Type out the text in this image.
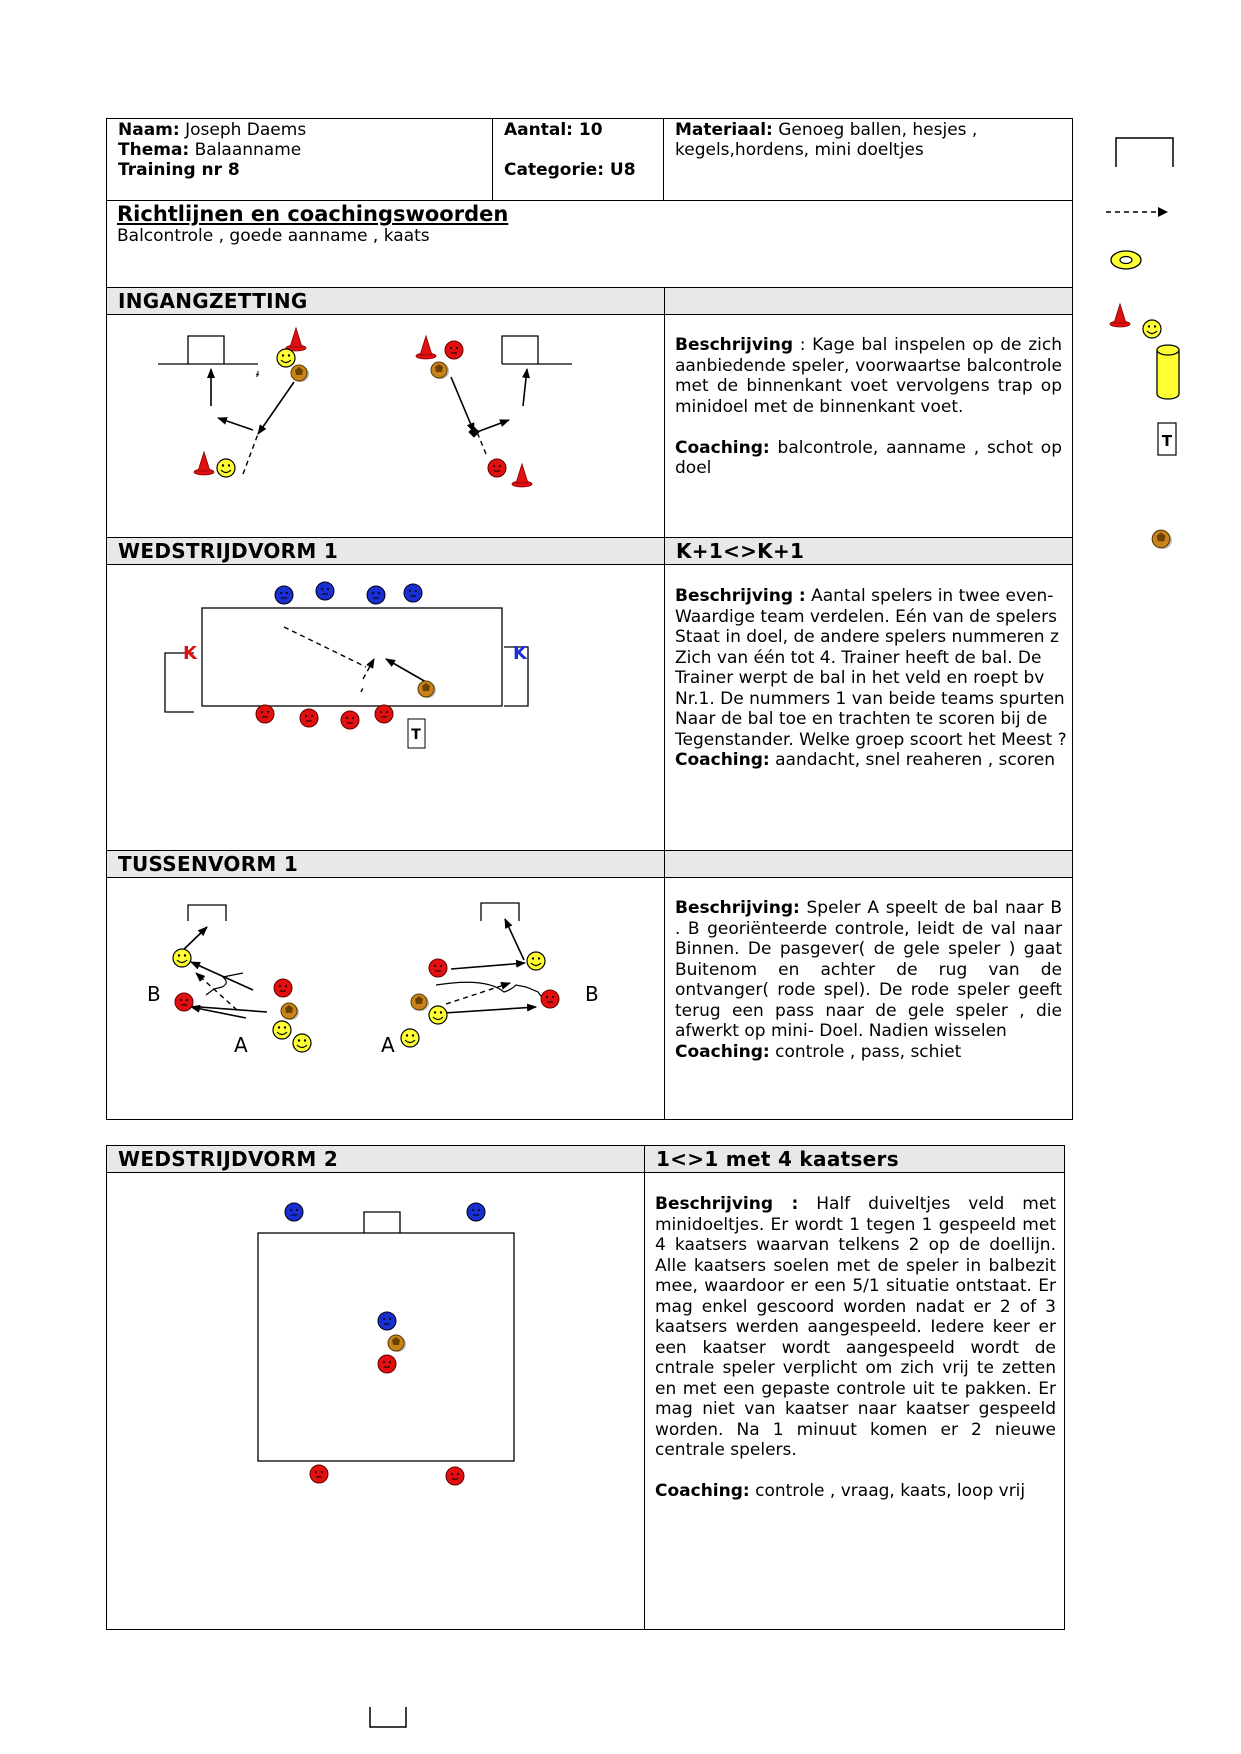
Naam: Joseph Daems
Thema: Balaanname
Training nr 8
Aantal: 10

Categorie: U8
Materiaal: Genoeg ballen, hesjes , kegels,hordens, mini doeltjes
Richtlijnen en coachingswoorden
Balcontrole , goede aanname , kaats
INGANGZETTING
Beschrijving : Kage bal inspelen op de zich aanbiedende speler, voorwaartse balcontrole met de binnenkant voet vervolgens trap op minidoel met de binnenkant voet.

Coaching: balcontrole, aanname , schot op doel
WEDSTRIJDVORM 1	K+1<>K+1
Beschrijving : Aantal spelers in twee even-Waardige team verdelen. Eén van de spelers Staat in doel, de andere spelers nummeren z Zich van één tot 4. Trainer heeft de bal. De Trainer werpt de bal in het veld en roept bv Nr.1. De nummers 1 van beide teams spurten Naar de bal toe en trachten te scoren bij de Tegenstander. Welke groep scoort het Meest ?
Coaching: aandacht, snel reaheren , scoren
T
K	K
TUSSENVORM 1
Beschrijving: Speler A speelt de bal naar B . B georiënteerde controle, leidt de val naar Binnen. De pasgever( de gele speler ) gaat Buitenom en achter de rug van de ontvanger( rode spel). De rode speler geeft terug een pass naar de gele speler , die afwerkt op mini- Doel. Nadien wisselen
Coaching: controle , pass, schiet
B
A	A
B
WEDSTRIJDVORM 2	1<>1 met 4 kaatsers
Beschrijving : Half duiveltjes veld met minidoeltjes. Er wordt 1 tegen 1 gespeeld met 4 kaatsers waarvan telkens 2 op de doellijn. Alle kaatsers soelen met de speler in balbezit mee, waardoor er een 5/1 situatie ontstaat. Er mag enkel gescoord worden nadat er 2 of 3 kaatsers werden aangespeeld. Iedere keer er een kaatser wordt aangespeeld wordt de cntrale speler verplicht om zich vrij te zetten en met een gepaste controle uit te pakken. Er mag niet van kaatser naar kaatser gespeeld worden. Na 1 minuut komen er 2 nieuwe centrale spelers.

Coaching: controle , vraag, kaats, loop vrij
T
